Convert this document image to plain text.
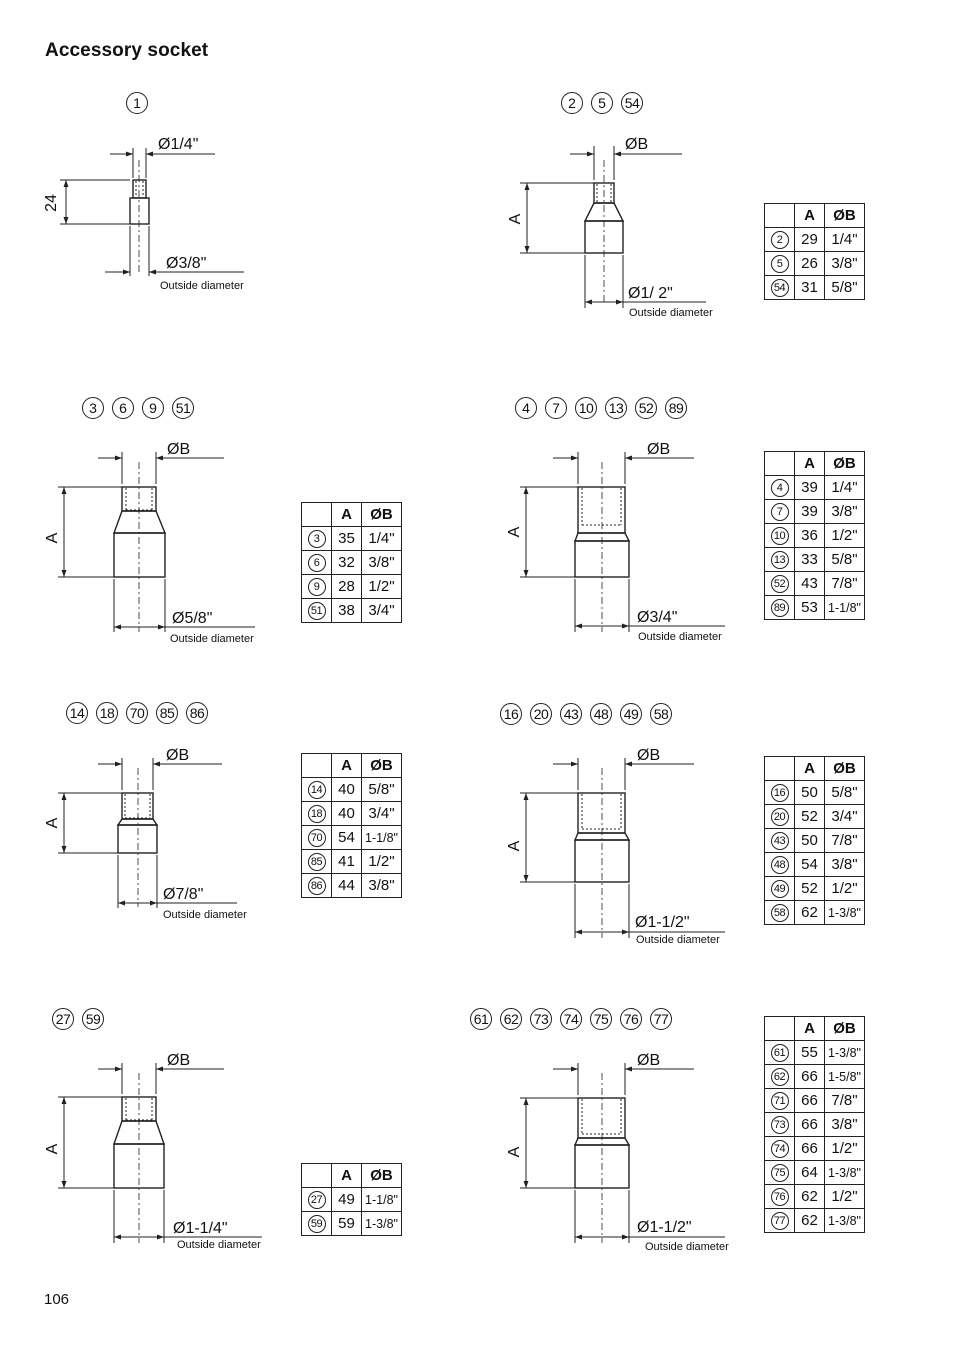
Accessory socket
106
1
Ø1/4"
24
Ø3/8"
Outside diameter
ØB
A
Ø1/ 2"
Outside diameter
ØB
A
Ø5/8"
Outside diameter
ØB
A
Ø3/4"
Outside diameter
ØB
A
Ø7/8"
Outside diameter
ØB
A
Ø1-1/2"
Outside diameter
ØB
A
Ø1-1/4"
Outside diameter
ØB
A
Ø1-1/2"
Outside diameter
2 5 54
3 6 9 51	4 7 10 13 52 89
14 18 70 85 86	16 20 43 48 49 58
27 59	61 62 73 74 75 76 77
	A	ØB
2	29	1/4"
5	26	3/8"
54	31	5/8"
	A	ØB
3	35	1/4"
6	32	3/8"
9	28	1/2"
51	38	3/4"
	A	ØB
4	39	1/4"
7	39	3/8"
10	36	1/2"
13	33	5/8"
52	43	7/8"
89	53	1-1/8"
	A	ØB
14	40	5/8"
18	40	3/4"
70	54	1-1/8"
85	41	1/2"
86	44	3/8"
	A	ØB
16	50	5/8"
20	52	3/4"
43	50	7/8"
48	54	3/8"
49	52	1/2"
58	62	1-3/8"
	A	ØB
27	49	1-1/8"
59	59	1-3/8"
	A	ØB
61	55	1-3/8"
62	66	1-5/8"
71	66	7/8"
73	66	3/8"
74	66	1/2"
75	64	1-3/8"
76	62	1/2"
77	62	1-3/8"
